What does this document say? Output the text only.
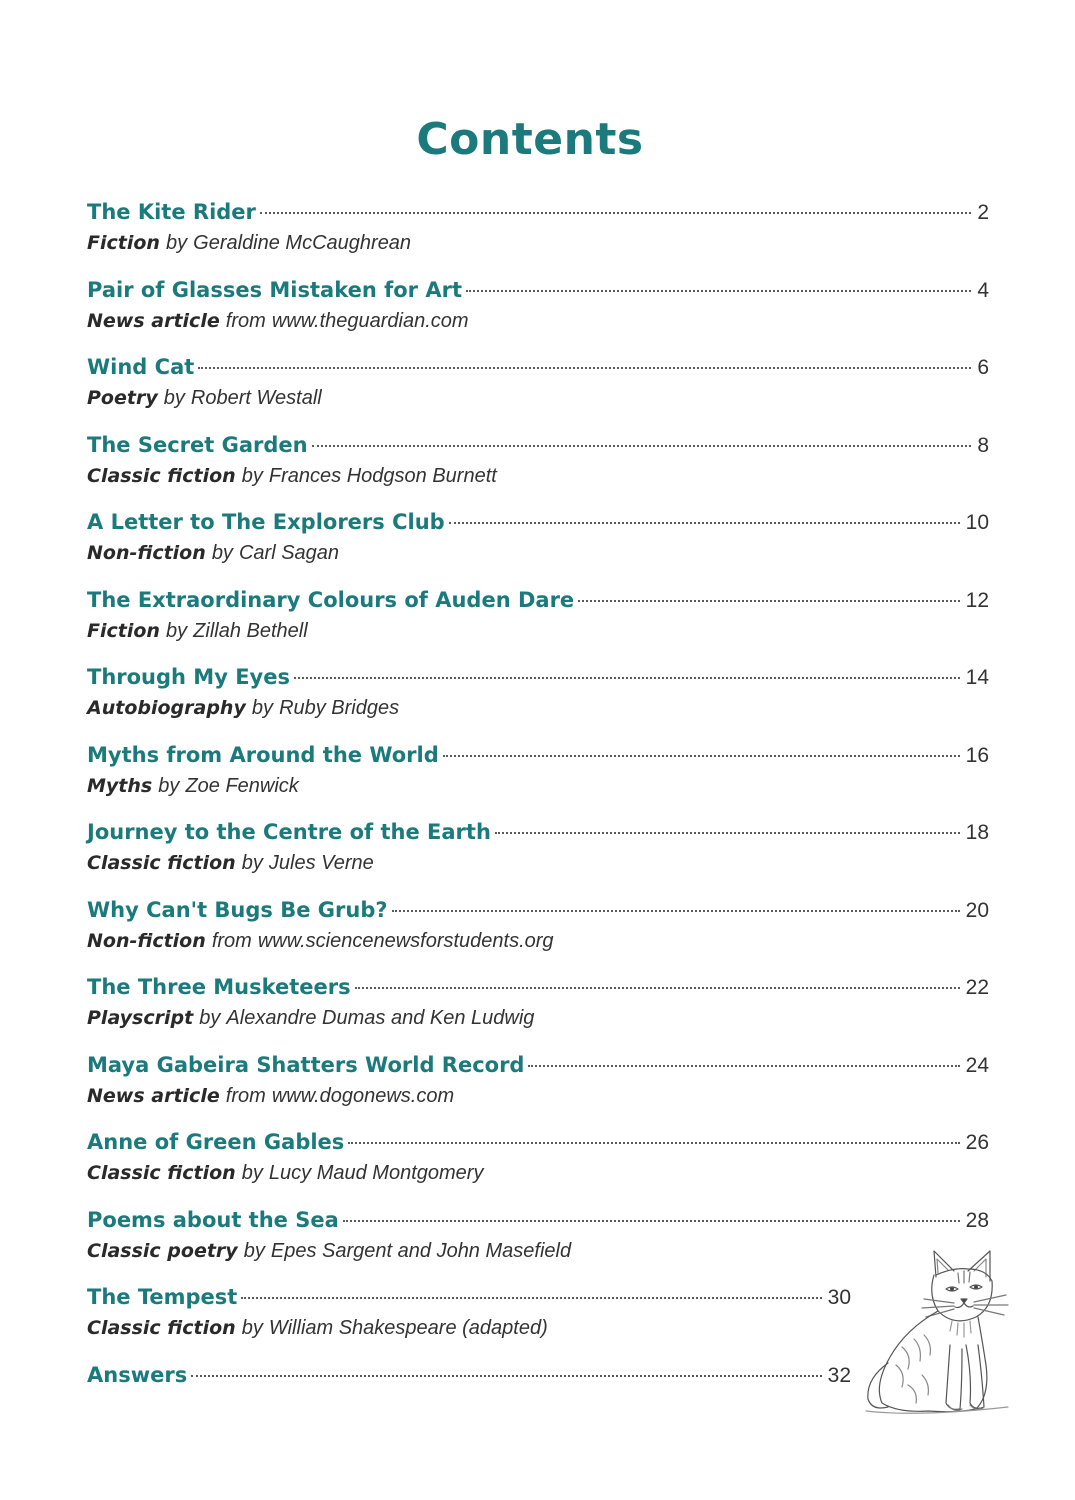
Contents
The Kite Rider	2
Fiction by Geraldine McCaughrean
Pair of Glasses Mistaken for Art	4
News article from www.theguardian.com
Wind Cat	6
Poetry by Robert Westall
The Secret Garden	8
Classic fiction by Frances Hodgson Burnett
A Letter to The Explorers Club	10
Non-fiction by Carl Sagan
The Extraordinary Colours of Auden Dare	12
Fiction by Zillah Bethell
Through My Eyes	14
Autobiography by Ruby Bridges
Myths from Around the World	16
Myths by Zoe Fenwick
Journey to the Centre of the Earth	18
Classic fiction by Jules Verne
Why Can't Bugs Be Grub?	20
Non-fiction from www.sciencenewsforstudents.org
The Three Musketeers	22
Playscript by Alexandre Dumas and Ken Ludwig
Maya Gabeira Shatters World Record	24
News article from www.dogonews.com
Anne of Green Gables	26
Classic fiction by Lucy Maud Montgomery
Poems about the Sea	28
Classic poetry by Epes Sargent and John Masefield
The Tempest	30
Classic fiction by William Shakespeare (adapted)
Answers	32
